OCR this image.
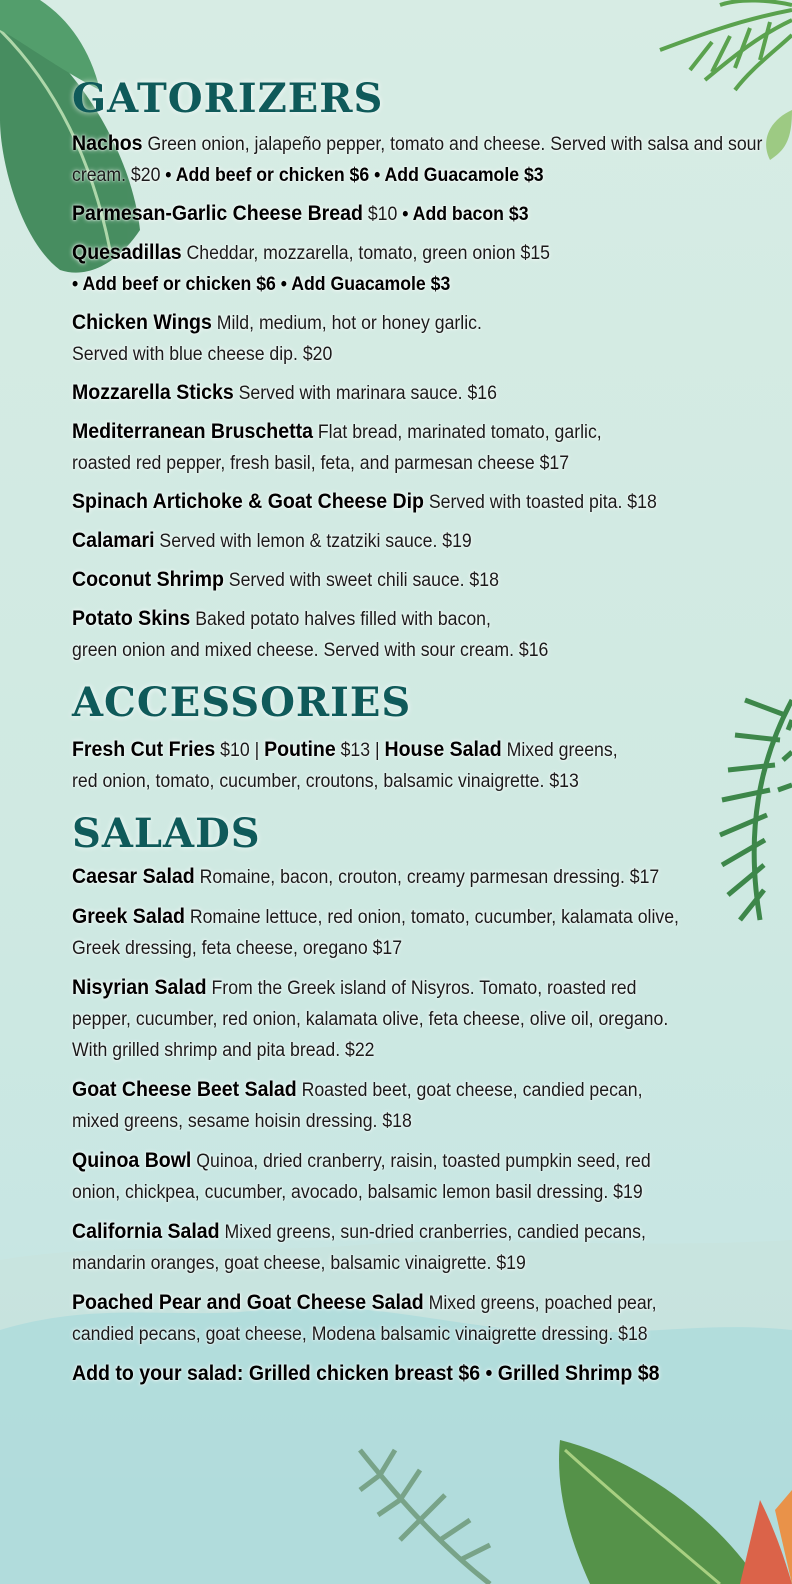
GATORIZERS
Nachos Green onion, jalapeño pepper, tomato and cheese. Served with salsa and sour cream. $20 • Add beef or chicken $6 • Add Guacamole $3
Parmesan-Garlic Cheese Bread $10 • Add bacon $3
Quesadillas Cheddar, mozzarella, tomato, green onion $15
• Add beef or chicken $6 • Add Guacamole $3
Chicken Wings Mild, medium, hot or honey garlic.
Served with blue cheese dip. $20
Mozzarella Sticks Served with marinara sauce. $16
Mediterranean Bruschetta Flat bread, marinated tomato, garlic,
roasted red pepper, fresh basil, feta, and parmesan cheese $17
Spinach Artichoke & Goat Cheese Dip Served with toasted pita. $18
Calamari Served with lemon & tzatziki sauce. $19
Coconut Shrimp Served with sweet chili sauce. $18
Potato Skins Baked potato halves filled with bacon,
green onion and mixed cheese. Served with sour cream. $16
ACCESSORIES
Fresh Cut Fries $10 | Poutine $13 | House Salad Mixed greens,
red onion, tomato, cucumber, croutons, balsamic vinaigrette. $13
SALADS
Caesar Salad Romaine, bacon, crouton, creamy parmesan dressing. $17
Greek Salad Romaine lettuce, red onion, tomato, cucumber, kalamata olive,
Greek dressing, feta cheese, oregano $17
Nisyrian Salad From the Greek island of Nisyros. Tomato, roasted red
pepper, cucumber, red onion, kalamata olive, feta cheese, olive oil, oregano.
With grilled shrimp and pita bread. $22
Goat Cheese Beet Salad Roasted beet, goat cheese, candied pecan,
mixed greens, sesame hoisin dressing. $18
Quinoa Bowl Quinoa, dried cranberry, raisin, toasted pumpkin seed, red
onion, chickpea, cucumber, avocado, balsamic lemon basil dressing. $19
California Salad Mixed greens, sun-dried cranberries, candied pecans,
mandarin oranges, goat cheese, balsamic vinaigrette. $19
Poached Pear and Goat Cheese Salad Mixed greens, poached pear,
candied pecans, goat cheese, Modena balsamic vinaigrette dressing. $18
Add to your salad: Grilled chicken breast $6 • Grilled Shrimp $8
